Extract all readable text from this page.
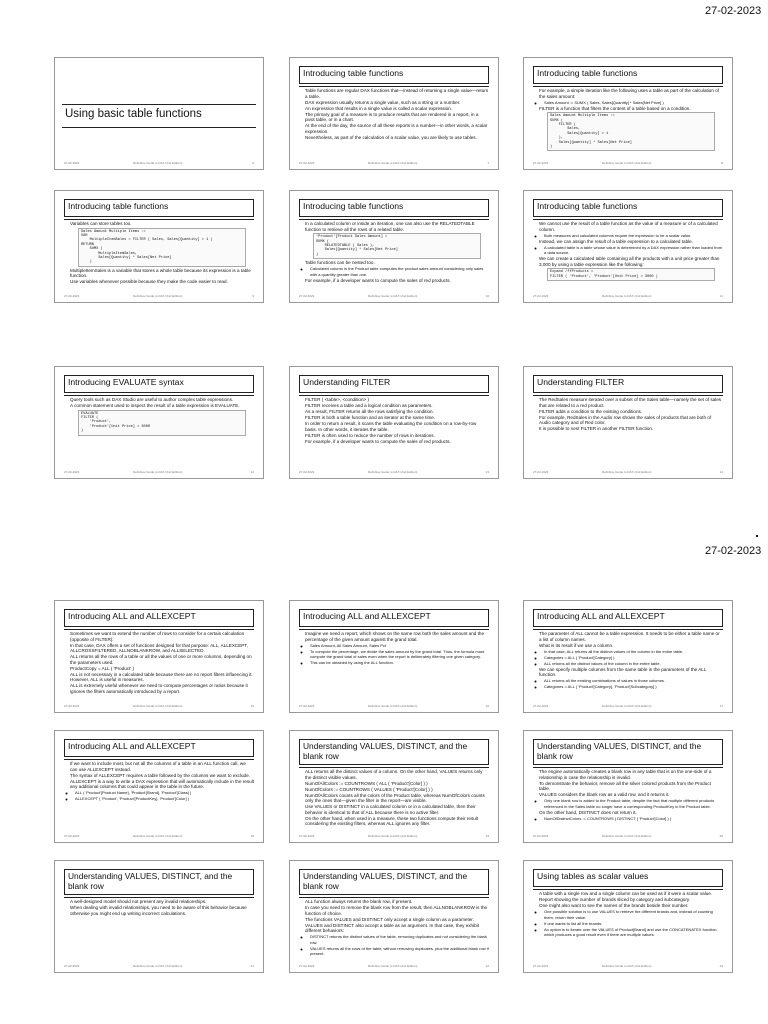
27-02-2023
Using basic table functions
27-02-2023	Definitive Guide to DAX (2nd Edition)	6
Introducing table functions
• Table functions are regular DAX functions that—instead of returning a single value—return a table.
• DAX expression usually returns a single value, such as a string or a number.
• An expression that results in a single value is called a scalar expression.
• The primary goal of a measure is to produce results that are rendered in a report, in a pivot table, or in a chart.
• At the end of the day, the source of all these reports is a number—in other words, a scalar expression.
• Nevertheless, as part of the calculation of a scalar value, you are likely to use tables.
27-02-2023	Definitive Guide to DAX (2nd Edition)	7
Introducing table functions
• For example, a simple iteration like the following uses a table as part of the calculation of the sales amount:
◦ Sales Amount := SUMX ( Sales, Sales[Quantity] * Sales[Net Price] )
• FILTER is a function that filters the content of a table based on a condition.
Sales Amount Multiple Items :=
SUMX (
FILTER (
Sales,
Sales[Quantity] > 1
),
Sales[Quantity] * Sales[Net Price]
)
27-02-2023	Definitive Guide to DAX (2nd Edition)	8
Introducing table functions
• Variables can store tables too.
Sales Amount Multiple Items :=
VAR
MultipleItemSales = FILTER ( Sales, Sales[Quantity] > 1 )
RETURN
SUMX (
MultipleItemSales,
Sales[Quantity] * Sales[Net Price]
)
• MultipleItemSales is a variable that stores a whole table because its expression is a table function.
• Use variables whenever possible because they make the code easier to read.
27-02-2023	Definitive Guide to DAX (2nd Edition)	9
Introducing table functions
• In a calculated column or inside an iteration, one can also use the RELATEDTABLE function to retrieve all the rows of a related table.
'Product'[Product Sales Amount] =
SUMX (
RELATEDTABLE ( Sales ),
Sales[Quantity] * Sales[Net Price]
)
• Table functions can be nested too.
◦ Calculated column in the Product table computes the product sales amount considering only sales with a quantity greater than one.
• For example, if a developer wants to compute the sales of red products.
27-02-2023	Definitive Guide to DAX (2nd Edition)	10
Introducing table functions
• We cannot use the result of a table function as the value of a measure or of a calculated column.
◦ Both measures and calculated columns require the expression to be a scalar value.
• Instead, we can assign the result of a table expression to a calculated table.
◦ A calculated table is a table whose value is determined by a DAX expression rather than loaded from a data source.
• We can create a calculated table containing all the products with a unit price greater than 3,000 by using a table expression like the following:
Expand /ffProducts =
FILTER ( 'Product', 'Product'[Unit Price] > 3000 )
27-02-2023	Definitive Guide to DAX (2nd Edition)	11
Introducing EVALUATE syntax
• Query tools such as DAX Studio are useful to author complex table expressions.
• A common statement used to inspect the result of a table expression is EVALUATE.
EVALUATE
FILTER (
'Product',
'Product'[Unit Price] > 3000
)
27-02-2023	Definitive Guide to DAX (2nd Edition)	12
Understanding FILTER
• FILTER ( <table>, <condition> )
• FILTER receives a table and a logical condition as parameters.
• As a result, FILTER returns all the rows satisfying the condition.
• FILTER is both a table function and an iterator at the same time.
• In order to return a result, it scans the table evaluating the condition on a row-by-row basis. In other words, it iterates the table.
• FILTER is often used to reduce the number of rows in iterations.
• For example, if a developer wants to compute the sales of red products.
27-02-2023	Definitive Guide to DAX (2nd Edition)	13
Understanding FILTER
• The RedSales measure iterated over a subset of the Sales table—namely the set of sales that are related to a red product.
• FILTER adds a condition to the existing conditions.
• For example, RedSales in the Audio row shows the sales of products that are both of Audio category and of Red color.
• It is possible to nest FILTER in another FILTER function.
27-02-2023	Definitive Guide to DAX (2nd Edition)	14
27-02-2023
Introducing ALL and ALLEXCEPT
• Sometimes we want to extend the number of rows to consider for a certain calculation (opposite of FILTER).
• In that case, DAX offers a set of functions designed for that purpose: ALL, ALLEXCEPT, ALLCROSSFILTERED, ALLNOBLANKROW, and ALLSELECTED.
• ALL returns all the rows of a table or all the values of one or more columns, depending on the parameters used.
• ProductCopy = ALL ( 'Product' )
• ALL is not necessary in a calculated table because there are no report filters influencing it. However, ALL is useful in measures.
• ALL is extremely useful whenever we need to compute percentages or ratios because it ignores the filters automatically introduced by a report.
27-02-2023	Definitive Guide to DAX (2nd Edition)	15
Introducing ALL and ALLEXCEPT
• Imagine we need a report, which shows on the same row both the sales amount and the percentage of the given amount against the grand total.
◦ Sales Amount, All Sales Amount, Sales Pct
◦ To compute the percentage, we divide the sales amount by the grand total. Thus, the formula must compute the grand total of sales even when the report is deliberately filtering one given category.
◦ This can be obtained by using the ALL function.
27-02-2023	Definitive Guide to DAX (2nd Edition)	16
Introducing ALL and ALLEXCEPT
• The parameter of ALL cannot be a table expression. It needs to be either a table name or a list of column names.
• What is its result if we use a column.
◦ In that case, ALL returns all the distinct values of the column in the entire table.
◦ Categories = ALL ( 'Product'[Category] )
◦ ALL returns all the distinct values of the column in the entire table.
• We can specify multiple columns from the same table in the parameters of the ALL function.
◦ ALL returns all the existing combinations of values in those columns.
◦ Categories = ALL ( 'Product'[Category], 'Product'[Subcategory] )
27-02-2023	Definitive Guide to DAX (2nd Edition)	17
Introducing ALL and ALLEXCEPT
• If we want to include most, but not all the columns of a table in an ALL function call, we can use ALLEXCEPT instead.
• The syntax of ALLEXCEPT requires a table followed by the columns we want to exclude.
• ALLEXCEPT is a way to write a DAX expression that will automatically include in the result any additional columns that could appear in the table in the future.
◦ ALL ( 'Product'[Product Name], 'Product'[Brand], 'Product'[Class] )
◦ ALLEXCEPT ( 'Product', 'Product'[ProductKey], 'Product'[Color] )
27-02-2023	Definitive Guide to DAX (2nd Edition)	18
Understanding VALUES, DISTINCT, and the blank row
• ALL returns all the distinct values of a column. On the other hand, VALUES returns only the distinct visible values.
• NumOfAllColors := COUNTROWS ( ALL ( 'Product'[Color] ) )
• NumOfColors := COUNTROWS ( VALUES ( 'Product'[Color] ) )
• NumOfAllColors counts all the colors of the Product table, whereas NumOfColors counts only the ones that—given the filter in the report—are visible.
• Use VALUES or DISTINCT in a calculated column or in a calculated table, then their behavior is identical to that of ALL because there is no active filter.
• On the other hand, when used in a measure, these two functions compute their result considering the existing filters, whereas ALL ignores any filter.
27-02-2023	Definitive Guide to DAX (2nd Edition)	19
Understanding VALUES, DISTINCT, and the blank row
• The engine automatically creates a blank row in any table that is on the one-side of a relationship in case the relationship is invalid.
• To demonstrate the behavior, remove all the silver colored products from the Product table.
• VALUES considers the blank row as a valid row, and it returns it.
◦ Only one blank row is added to the Product table, despite the fact that multiple different products referenced in the Sales table no longer have a corresponding ProductKey in the Product table.
• On the other hand, DISTINCT does not return it.
◦ NumOfDistinctColors := COUNTROWS ( DISTINCT ( 'Product'[Color] ) )
27-02-2023	Definitive Guide to DAX (2nd Edition)	20
Understanding VALUES, DISTINCT, and the blank row
• A well-designed model should not present any invalid relationships.
• When dealing with invalid relationships, you need to be aware of this behavior because otherwise you might end up writing incorrect calculations.
27-02-2023	Definitive Guide to DAX (2nd Edition)	21
Understanding VALUES, DISTINCT, and the blank row
• ALL function always returns the blank row, if present.
• In case you need to remove the blank row from the result, then ALLNOBLANKROW is the function of choice.
• The functions VALUES and DISTINCT only accept a single column as a parameter.
• VALUES and DISTINCT also accept a table as an argument. In that case, they exhibit different behaviors:
◦ DISTINCT returns the distinct values of the table, removing duplicates and not considering the blank row.
◦ VALUES returns all the rows of the table, without removing duplicates, plus the additional blank row if present.
27-02-2023	Definitive Guide to DAX (2nd Edition)	22
Using tables as scalar values
• A table with a single row and a single column can be used as if it were a scalar value.
• Report showing the number of brands sliced by category and subcategory.
• One might also want to see the names of the brands beside their number.
◦ One possible solution is to use VALUES to retrieve the different brands and, instead of counting them, return their value.
◦ If one wants to list all the brands:
◦ An option is to iterate over the VALUES of Product[Brand] and use the CONCATENATEX function, which produces a good result even if there are multiple values.
27-02-2023	Definitive Guide to DAX (2nd Edition)	23
